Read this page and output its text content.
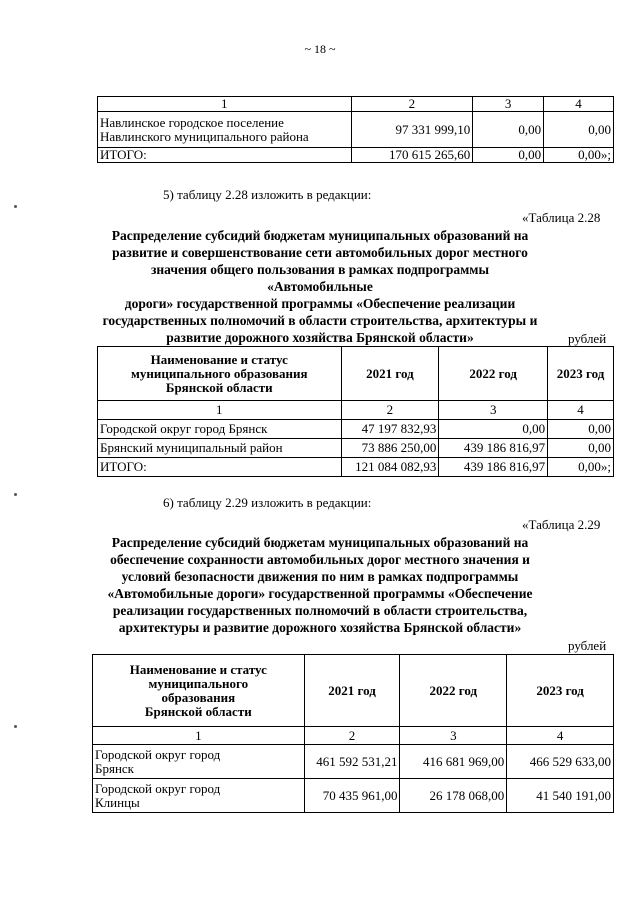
~ 18 ~
1	2	3	4

Навлинское городское поселение
Навлинского муниципального района	97 331 999,10	0,00	0,00
ИТОГО:	170 615 265,60	0,00	0,00»;
5) таблицу 2.28 изложить в редакции:
«Таблица 2.28
Распределение субсидий бюджетам муниципальных образований на
развитие и совершенствование сети автомобильных дорог местного
значения общего пользования в рамках подпрограммы «Автомобильные
дороги» государственной программы «Обеспечение реализации
государственных полномочий в области строительства, архитектуры и
развитие дорожного хозяйства Брянской области»	рублей
Наименование и статус
муниципального образования
Брянской области	2021 год	2022 год	2023 год
1	2	3	4
Городской округ город Брянск	47 197 832,93	0,00	0,00
Брянский муниципальный район	73 886 250,00	439 186 816,97	0,00
ИТОГО:	121 084 082,93	439 186 816,97	0,00»;
6) таблицу 2.29 изложить в редакции:
«Таблица 2.29
Распределение субсидий бюджетам муниципальных образований на
обеспечение сохранности автомобильных дорог местного значения и
условий безопасности движения по ним в рамках подпрограммы
«Автомобильные дороги» государственной программы «Обеспечение
реализации государственных полномочий в области строительства,
архитектуры и развитие дорожного хозяйства Брянской области»
рублей
Наименование и статус
муниципального
образования
Брянской области	2021 год	2022 год	2023 год
1	2	3	4

Городской округ город
Брянск	461 592 531,21	416 681 969,00	466 529 633,00

Городской округ город
Клинцы	70 435 961,00	26 178 068,00	41 540 191,00
